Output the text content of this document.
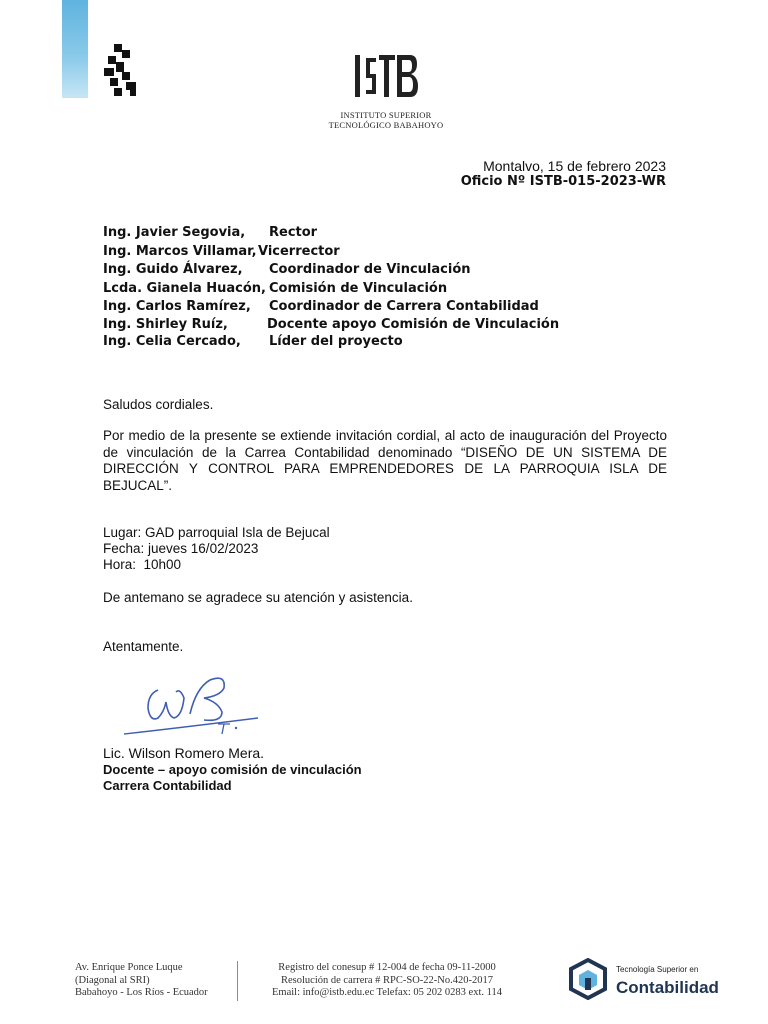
INSTITUTO SUPERIOR
TECNOLÓGICO BABAHOYO
Montalvo, 15 de febrero 2023
Oficio Nº ISTB-015-2023-WR
Ing. Javier Segovia, Rector
Ing. Marcos Villamar, Vicerrector
Ing. Guido Álvarez, Coordinador de Vinculación
Lcda. Gianela Huacón, Comisión de Vinculación
Ing. Carlos Ramírez, Coordinador de Carrera Contabilidad
Ing. Shirley Ruíz,	Docente apoyo Comisión de Vinculación
Ing. Celia Cercado, Líder del proyecto
Saludos cordiales.
Por medio de la presente se extiende invitación cordial, al acto de inauguración del Proyecto de vinculación de la Carrea Contabilidad denominado “DISEÑO DE UN SISTEMA DE DIRECCIÓN Y CONTROL PARA EMPRENDEDORES DE LA PARROQUIA ISLA DE BEJUCAL”.
Lugar: GAD parroquial Isla de Bejucal
Fecha: jueves 16/02/2023
Hora:  10h00
De antemano se agradece su atención y asistencia.
Atentamente.
Lic. Wilson Romero Mera.
Docente – apoyo comisión de vinculación
Carrera Contabilidad
Av. Enrique Ponce Luque
(Diagonal al SRI)
Babahoyo - Los Ríos - Ecuador
Registro del conesup # 12-004 de fecha 09-11-2000
Resolución de carrera # RPC-SO-22-No.420-2017
Email: info@istb.edu.ec Telefax: 05 202 0283 ext. 114
Tecnología Superior en
Contabilidad
